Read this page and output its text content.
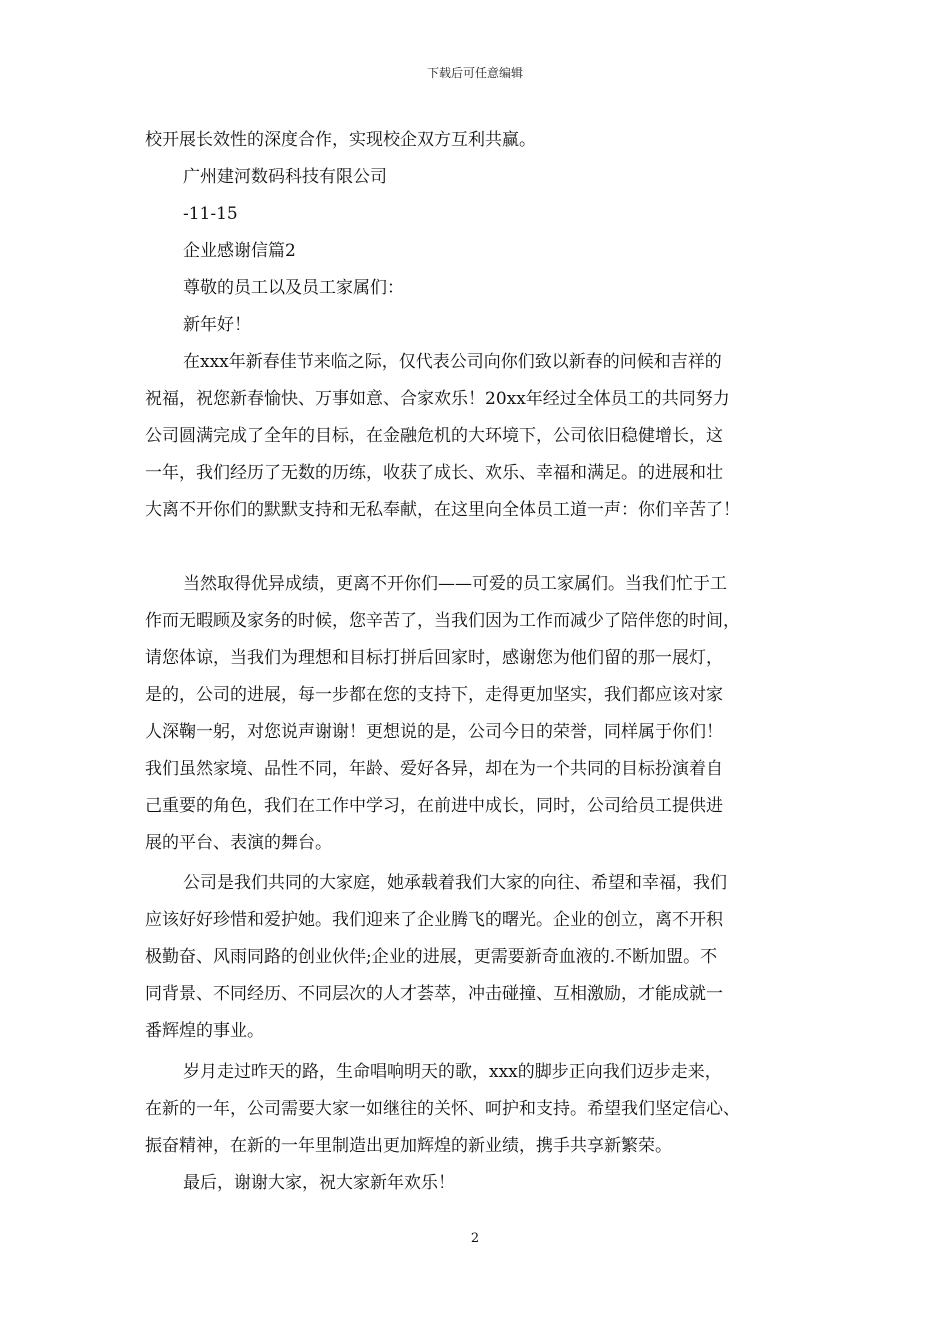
下载后可任意编辑
校开展长效性的深度合作，实现校企双方互利共赢。
广州建河数码科技有限公司
-11-15
企业感谢信篇2
尊敬的员工以及员工家属们：
新年好！
在xxx年新春佳节来临之际，仅代表公司向你们致以新春的问候和吉祥的
祝福，祝您新春愉快、万事如意、合家欢乐！20xx年经过全体员工的共同努力
公司圆满完成了全年的目标，在金融危机的大环境下，公司依旧稳健增长，这
一年，我们经历了无数的历练，收获了成长、欢乐、幸福和满足。的进展和壮
大离不开你们的默默支持和无私奉献，在这里向全体员工道一声：你们辛苦了！
当然取得优异成绩，更离不开你们——可爱的员工家属们。当我们忙于工
作而无暇顾及家务的时候，您辛苦了，当我们因为工作而减少了陪伴您的时间，
请您体谅，当我们为理想和目标打拼后回家时，感谢您为他们留的那一展灯，
是的，公司的进展，每一步都在您的支持下，走得更加坚实，我们都应该对家
人深鞠一躬，对您说声谢谢！更想说的是，公司今日的荣誉，同样属于你们！
我们虽然家境、品性不同，年龄、爱好各异，却在为一个共同的目标扮演着自
己重要的角色，我们在工作中学习，在前进中成长，同时，公司给员工提供进
展的平台、表演的舞台。
公司是我们共同的大家庭，她承载着我们大家的向往、希望和幸福，我们
应该好好珍惜和爱护她。我们迎来了企业腾飞的曙光。企业的创立，离不开积
极勤奋、风雨同路的创业伙伴;企业的进展，更需要新奇血液的.不断加盟。不
同背景、不同经历、不同层次的人才荟萃，冲击碰撞、互相激励，才能成就一
番辉煌的事业。
岁月走过昨天的路，生命唱响明天的歌，xxx的脚步正向我们迈步走来，
在新的一年，公司需要大家一如继往的关怀、呵护和支持。希望我们坚定信心、
振奋精神，在新的一年里制造出更加辉煌的新业绩，携手共享新繁荣。
最后，谢谢大家，祝大家新年欢乐！
2
